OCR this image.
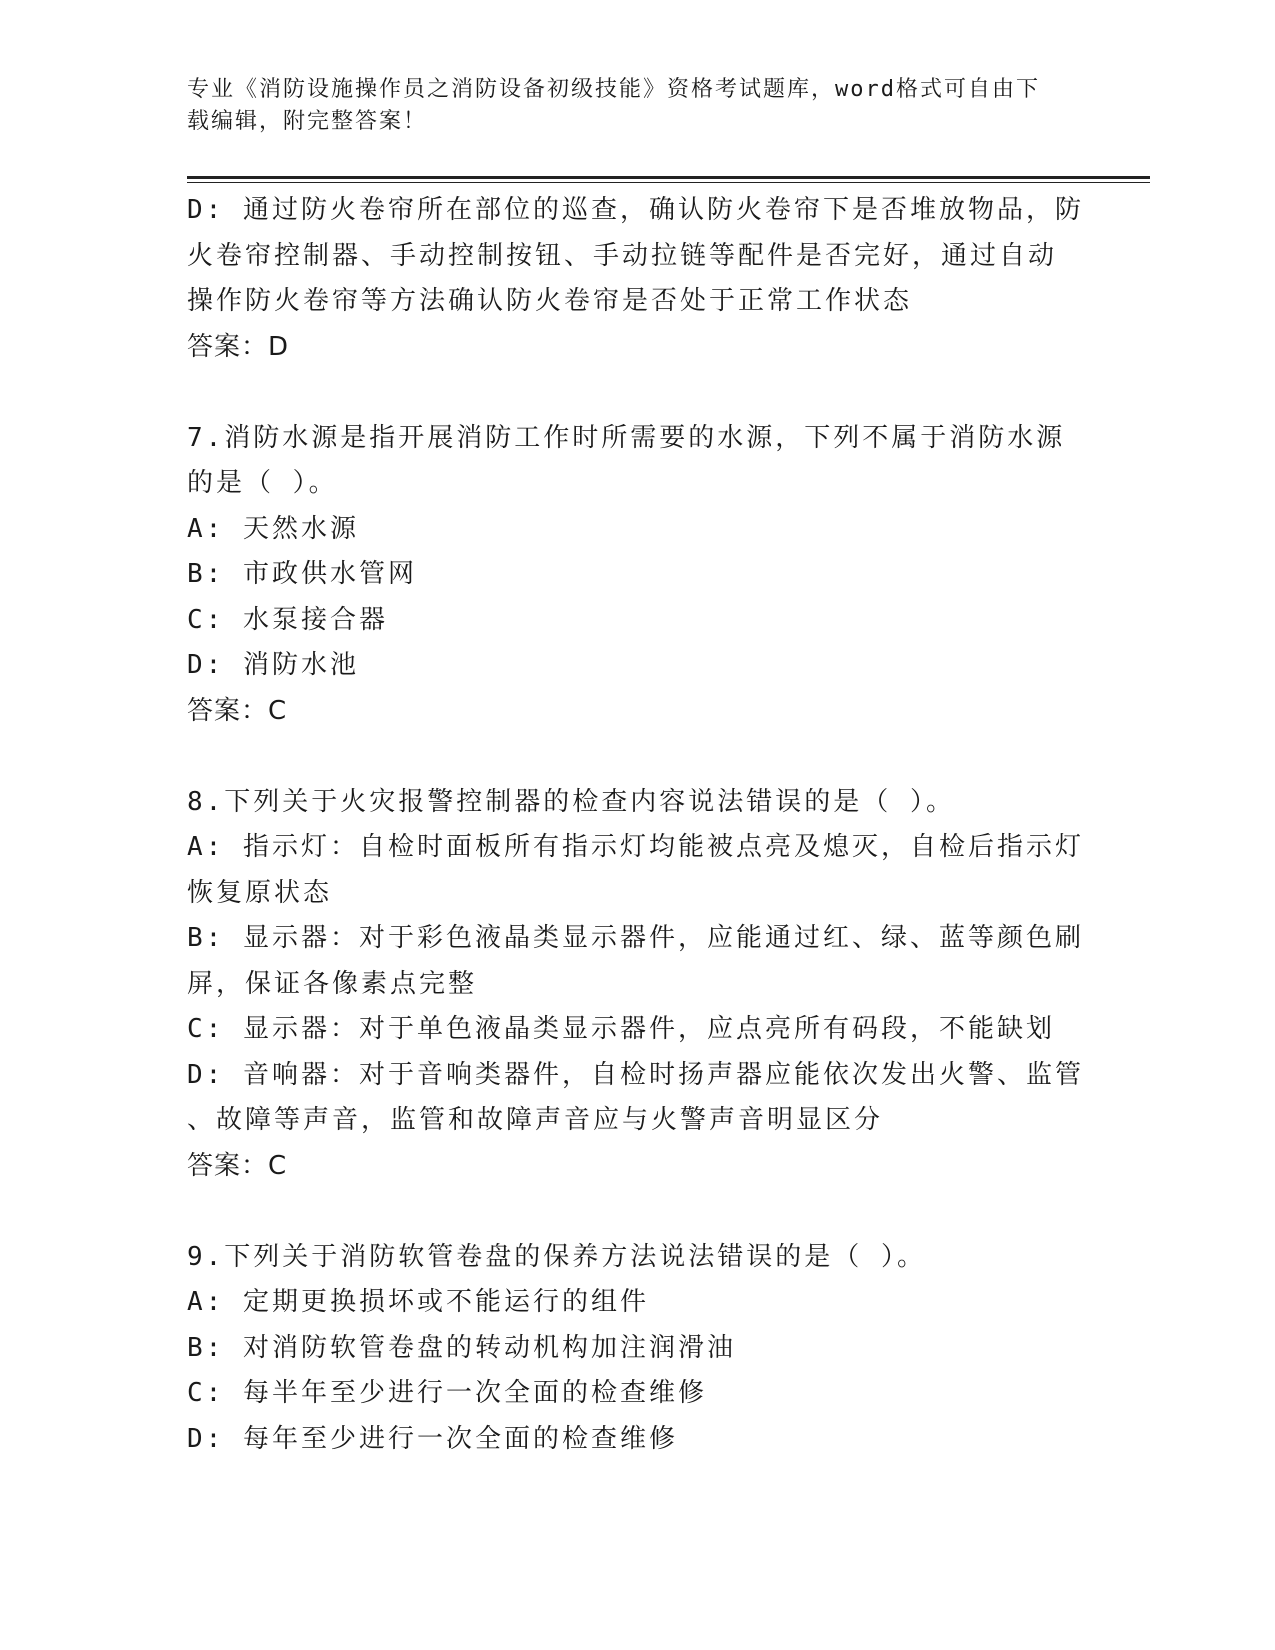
专业《消防设施操作员之消防设备初级技能》资格考试题库，word格式可自由下
载编辑，附完整答案！
D: 通过防火卷帘所在部位的巡查，确认防火卷帘下是否堆放物品，防
火卷帘控制器、手动控制按钮、手动拉链等配件是否完好，通过自动
操作防火卷帘等方法确认防火卷帘是否处于正常工作状态
答案：D
7.消防水源是指开展消防工作时所需要的水源，下列不属于消防水源
的是（ ）。
A: 天然水源
B: 市政供水管网
C: 水泵接合器
D: 消防水池
答案：C
8.下列关于火灾报警控制器的检查内容说法错误的是（ ）。
A: 指示灯：自检时面板所有指示灯均能被点亮及熄灭，自检后指示灯
恢复原状态
B: 显示器：对于彩色液晶类显示器件，应能通过红、绿、蓝等颜色刷
屏，保证各像素点完整
C: 显示器：对于单色液晶类显示器件，应点亮所有码段，不能缺划
D: 音响器：对于音响类器件，自检时扬声器应能依次发出火警、监管
、故障等声音，监管和故障声音应与火警声音明显区分
答案：C
9.下列关于消防软管卷盘的保养方法说法错误的是（ ）。
A: 定期更换损坏或不能运行的组件
B: 对消防软管卷盘的转动机构加注润滑油
C: 每半年至少进行一次全面的检查维修
D: 每年至少进行一次全面的检查维修
